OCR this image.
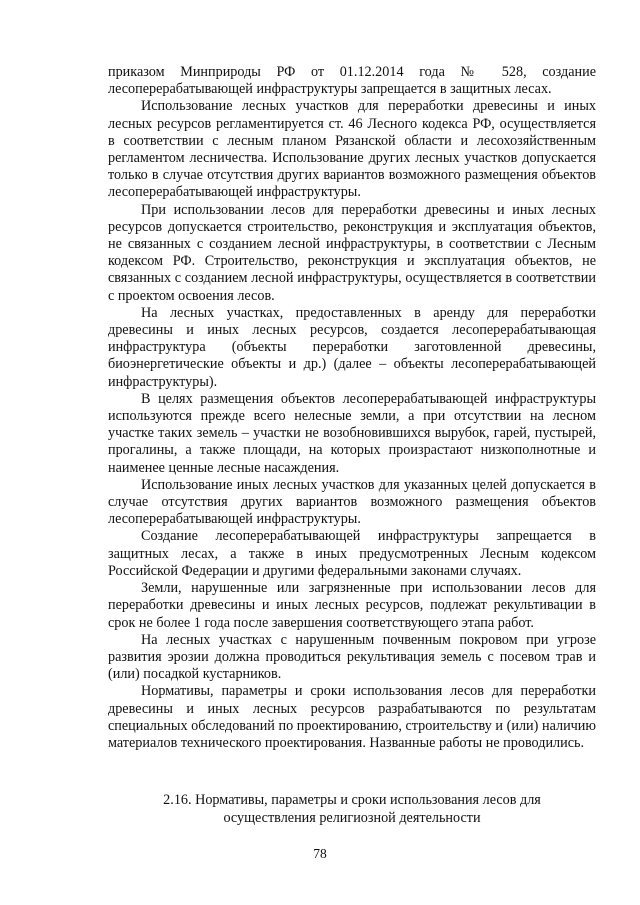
приказом Минприроды РФ от 01.12.2014 года № 528, создание лесоперерабатывающей инфраструктуры запрещается в защитных лесах.

Использование лесных участков для переработки древесины и иных лесных ресурсов регламентируется ст. 46 Лесного кодекса РФ, осуществляется в соответствии с лесным планом Рязанской области и лесохозяйственным регламентом лесничества. Использование других лесных участков допускается только в случае отсутствия других вариантов возможного размещения объектов лесоперерабатывающей инфраструктуры.

При использовании лесов для переработки древесины и иных лесных ресурсов допускается строительство, реконструкция и эксплуатация объектов, не связанных с созданием лесной инфраструктуры, в соответствии с Лесным кодексом РФ. Строительство, реконструкция и эксплуатация объектов, не связанных с созданием лесной инфраструктуры, осуществляется в соответствии с проектом освоения лесов.

На лесных участках, предоставленных в аренду для переработки древесины и иных лесных ресурсов, создается лесоперерабатывающая инфраструктура (объекты переработки заготовленной древесины, биоэнергетические объекты и др.) (далее – объекты лесоперерабатывающей инфраструктуры).

В целях размещения объектов лесоперерабатывающей инфраструктуры используются прежде всего нелесные земли, а при отсутствии на лесном участке таких земель – участки не возобновившихся вырубок, гарей, пустырей, прогалины, а также площади, на которых произрастают низкополнотные и наименее ценные лесные насаждения.

Использование иных лесных участков для указанных целей допускается в случае отсутствия других вариантов возможного размещения объектов лесоперерабатывающей инфраструктуры.

Создание лесоперерабатывающей инфраструктуры запрещается в защитных лесах, а также в иных предусмотренных Лесным кодексом Российской Федерации и другими федеральными законами случаях.

Земли, нарушенные или загрязненные при использовании лесов для переработки древесины и иных лесных ресурсов, подлежат рекультивации в срок не более 1 года после завершения соответствующего этапа работ.

На лесных участках с нарушенным почвенным покровом при угрозе развития эрозии должна проводиться рекультивация земель с посевом трав и (или) посадкой кустарников.

Нормативы, параметры и сроки использования лесов для переработки древесины и иных лесных ресурсов разрабатываются по результатам специальных обследований по проектированию, строительству и (или) наличию материалов технического проектирования. Названные работы не проводились.

2.16. Нормативы, параметры и сроки использования лесов для осуществления религиозной деятельности

78
